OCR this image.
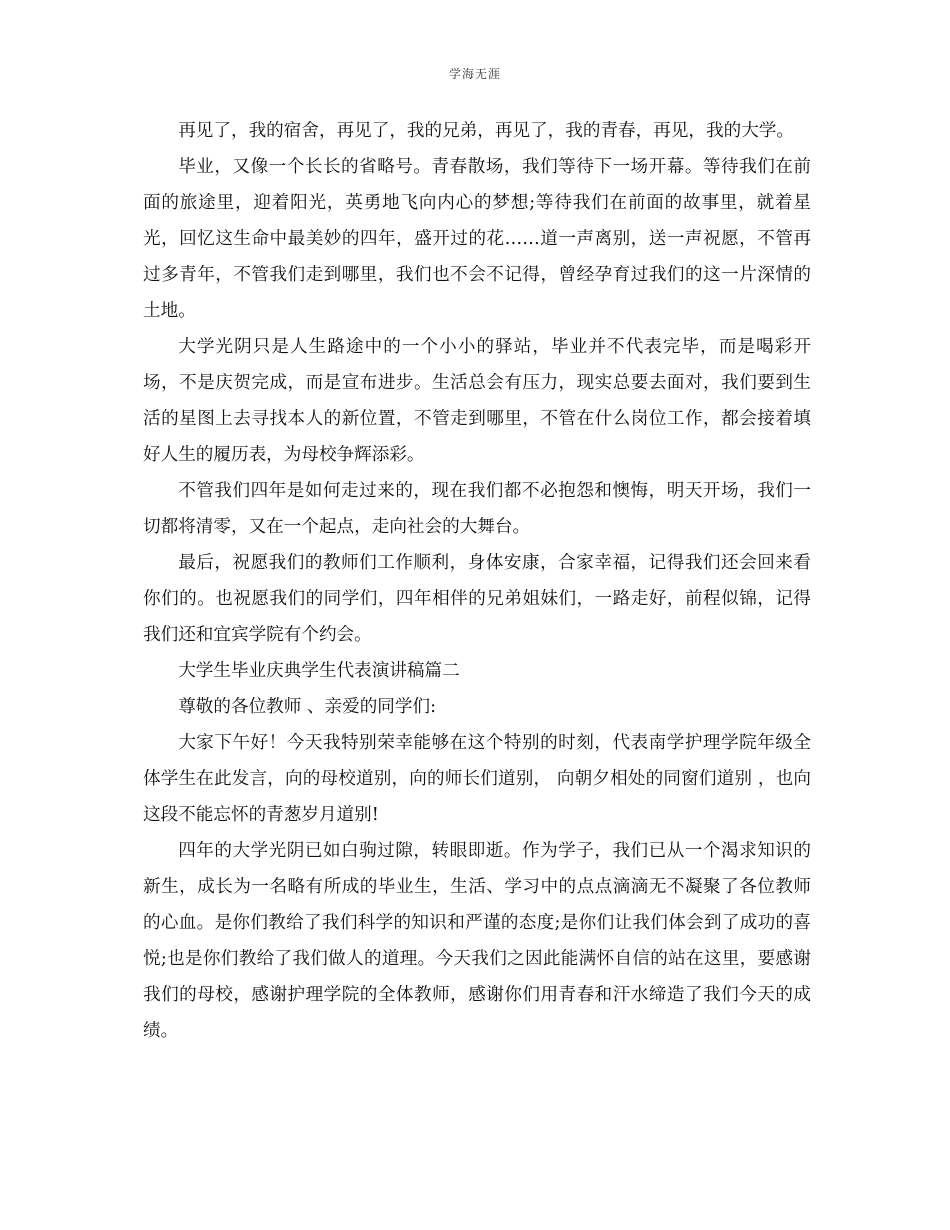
学海无涯

再见了，我的宿舍，再见了，我的兄弟，再见了，我的青春，再见，我的大学。

毕业，又像一个长长的省略号。青春散场，我们等待下一场开幕。等待我们在前面的旅途里，迎着阳光，英勇地飞向内心的梦想;等待我们在前面的故事里，就着星光，回忆这生命中最美妙的四年，盛开过的花……道一声离别，送一声祝愿，不管再过多青年，不管我们走到哪里，我们也不会不记得，曾经孕育过我们的这一片深情的土地。

大学光阴只是人生路途中的一个小小的驿站，毕业并不代表完毕，而是喝彩开场，不是庆贺完成，而是宣布进步。生活总会有压力，现实总要去面对，我们要到生活的星图上去寻找本人的新位置，不管走到哪里，不管在什么岗位工作，都会接着填好人生的履历表，为母校争辉添彩。

不管我们四年是如何走过来的，现在我们都不必抱怨和懊悔，明天开场，我们一切都将清零，又在一个起点，走向社会的大舞台。

最后，祝愿我们的教师们工作顺利，身体安康，合家幸福，记得我们还会回来看你们的。也祝愿我们的同学们，四年相伴的兄弟姐妹们，一路走好，前程似锦，记得我们还和宜宾学院有个约会。

大学生毕业庆典学生代表演讲稿篇二

尊敬的各位教师 、亲爱的同学们:

大家下午好！今天我特别荣幸能够在这个特别的时刻，代表南学护理学院年级全体学生在此发言，向的母校道别，向的师长们道别， 向朝夕相处的同窗们道别 ，也向这段不能忘怀的青葱岁月道别!

四年的大学光阴已如白驹过隙，转眼即逝。作为学子，我们已从一个渴求知识的新生，成长为一名略有所成的毕业生，生活、学习中的点点滴滴无不凝聚了各位教师的心血。是你们教给了我们科学的知识和严谨的态度;是你们让我们体会到了成功的喜悦;也是你们教给了我们做人的道理。今天我们之因此能满怀自信的站在这里，要感谢我们的母校，感谢护理学院的全体教师，感谢你们用青春和汗水缔造了我们今天的成绩。
